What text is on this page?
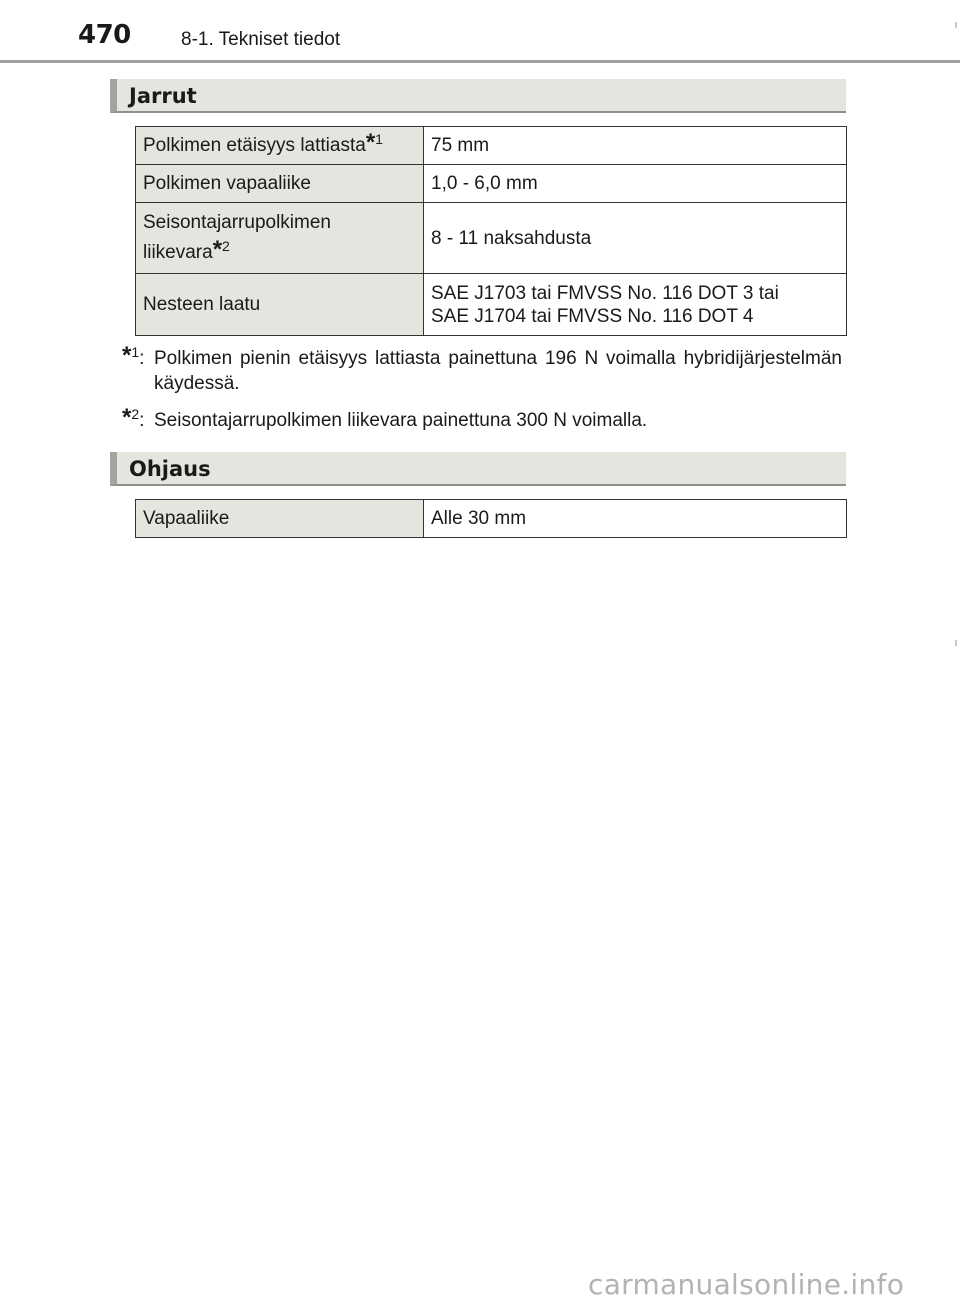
470	8-1. Tekniset tiedot
Jarrut
Polkimen etäisyys lattiasta*$^1$	75 mm
Polkimen vapaaliike	1,0 - 6,0 mm
Seisontajarrupolkimen
liikevara*$^2$	8 - 11 naksahdusta
Nesteen laatu	SAE J1703 tai FMVSS No. 116 DOT 3 tai
SAE J1704 tai FMVSS No. 116 DOT 4
*$^1$: Polkimen pienin etäisyys lattiasta painettuna 196 N voimalla hybridijärjestelmän käydessä.
*$^2$: Seisontajarrupolkimen liikevara painettuna 300 N voimalla.
Ohjaus
Vapaaliike	Alle 30 mm
carmanualsonline.info
